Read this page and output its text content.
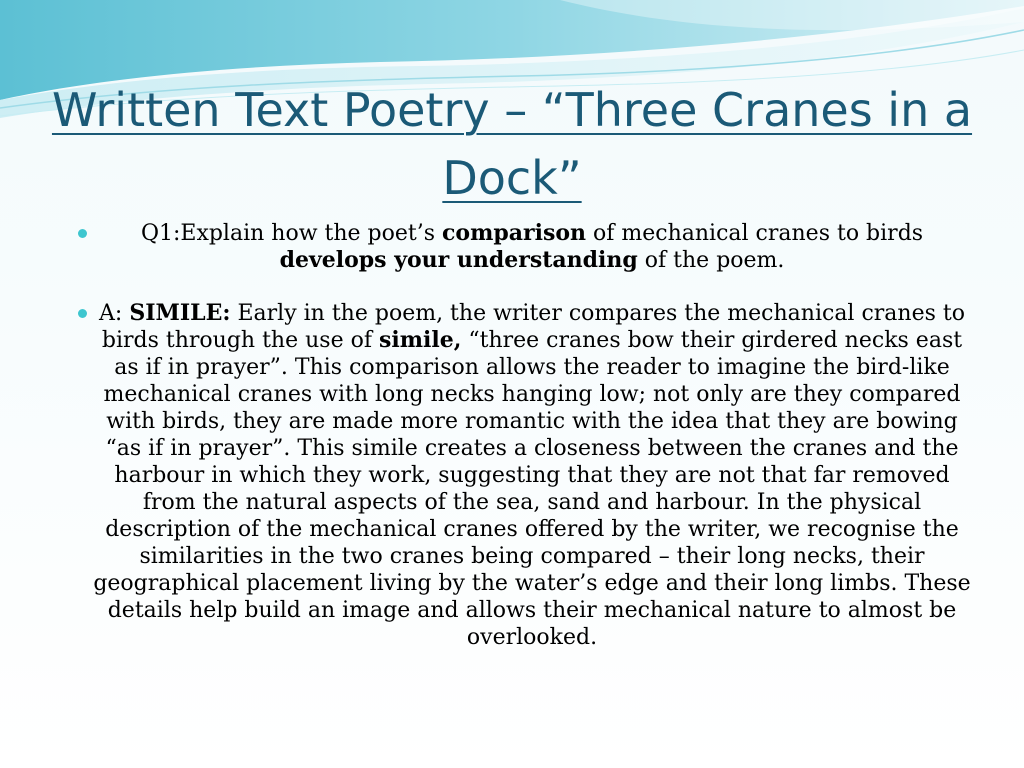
Written Text Poetry – “Three Cranes in a Dock”
Q1:Explain how the poet’s comparison of mechanical cranes to birds develops your understanding of the poem.
A: SIMILE: Early in the poem, the writer compares the mechanical cranes to birds through the use of simile, “three cranes bow their girdered necks east as if in prayer”. This comparison allows the reader to imagine the bird-like mechanical cranes with long necks hanging low; not only are they compared with birds, they are made more romantic with the idea that they are bowing “as if in prayer”. This simile creates a closeness between the cranes and the harbour in which they work, suggesting that they are not that far removed from the natural aspects of the sea, sand and harbour. In the physical description of the mechanical cranes offered by the writer, we recognise the similarities in the two cranes being compared – their long necks, their geographical placement living by the water’s edge and their long limbs. These details help build an image and allows their mechanical nature to almost be overlooked.
